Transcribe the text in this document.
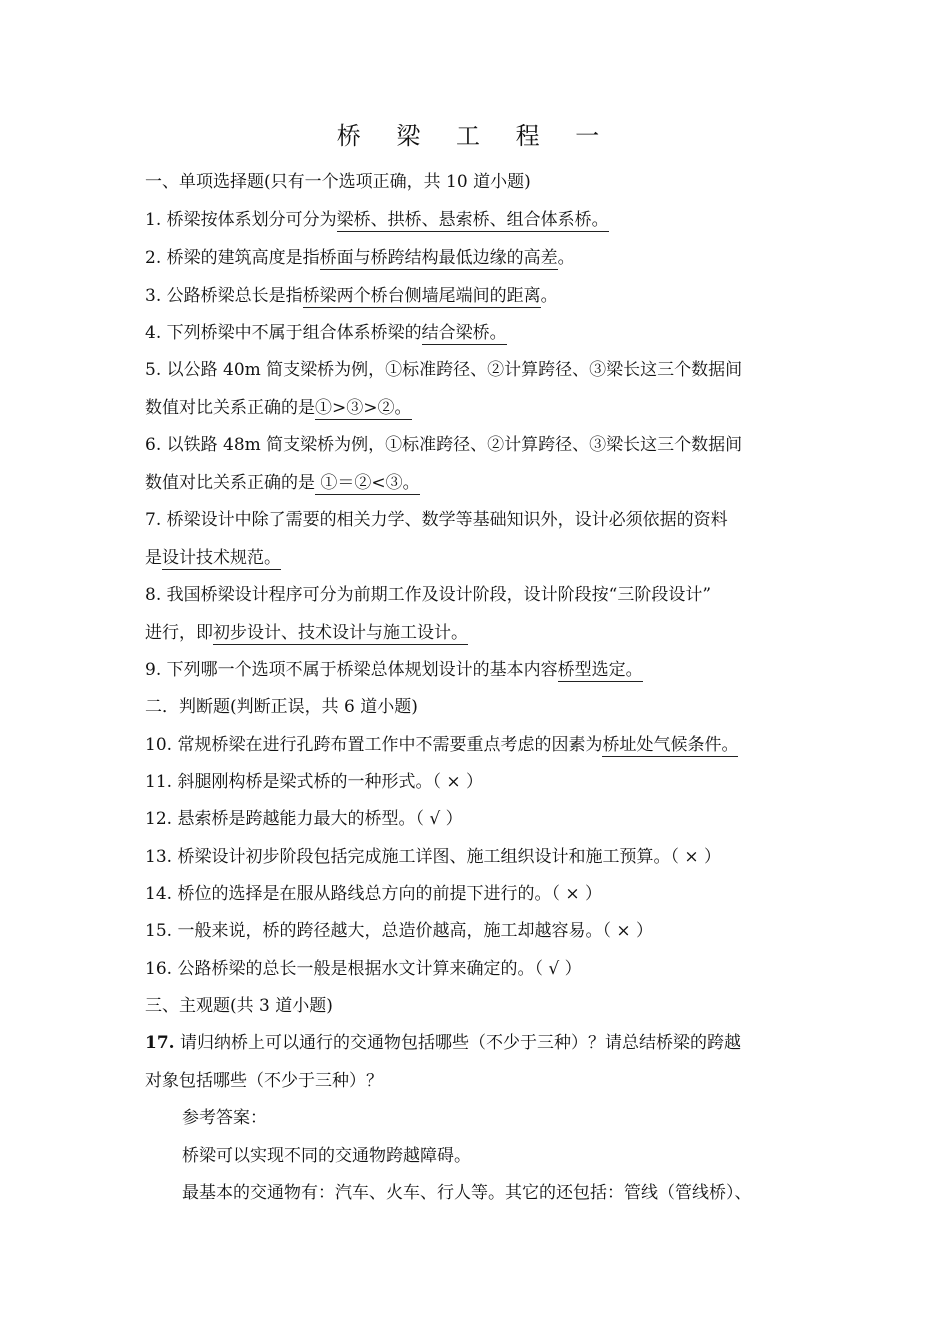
桥 梁 工 程 一
一、单项选择题(只有一个选项正确，共 10 道小题)
1. 桥梁按体系划分可分为梁桥、拱桥、悬索桥、组合体系桥。
2. 桥梁的建筑高度是指桥面与桥跨结构最低边缘的高差。
3. 公路桥梁总长是指桥梁两个桥台侧墙尾端间的距离。
4. 下列桥梁中不属于组合体系桥梁的结合梁桥。
5. 以公路 40m 简支梁桥为例，①标准跨径、②计算跨径、③梁长这三个数据间
数值对比关系正确的是①>③>②。
6. 以铁路 48m 简支梁桥为例，①标准跨径、②计算跨径、③梁长这三个数据间
数值对比关系正确的是 ①＝②<③。
7. 桥梁设计中除了需要的相关力学、数学等基础知识外，设计必须依据的资料
是设计技术规范。
8. 我国桥梁设计程序可分为前期工作及设计阶段，设计阶段按“三阶段设计”
进行，即初步设计、技术设计与施工设计。
9. 下列哪一个选项不属于桥梁总体规划设计的基本内容桥型选定。
二．判断题(判断正误，共 6 道小题)
10. 常规桥梁在进行孔跨布置工作中不需要重点考虑的因素为桥址处气候条件。
11. 斜腿刚构桥是梁式桥的一种形式。（ × ）
12. 悬索桥是跨越能力最大的桥型。（ √ ）
13. 桥梁设计初步阶段包括完成施工详图、施工组织设计和施工预算。（ × ）
14. 桥位的选择是在服从路线总方向的前提下进行的。（ × ）
15. 一般来说，桥的跨径越大，总造价越高，施工却越容易。（ × ）
16. 公路桥梁的总长一般是根据水文计算来确定的。（ √ ）
三、主观题(共 3 道小题)
17. 请归纳桥上可以通行的交通物包括哪些（不少于三种）？请总结桥梁的跨越
对象包括哪些（不少于三种）？
参考答案：
桥梁可以实现不同的交通物跨越障碍。
最基本的交通物有：汽车、火车、行人等。其它的还包括：管线（管线桥）、
